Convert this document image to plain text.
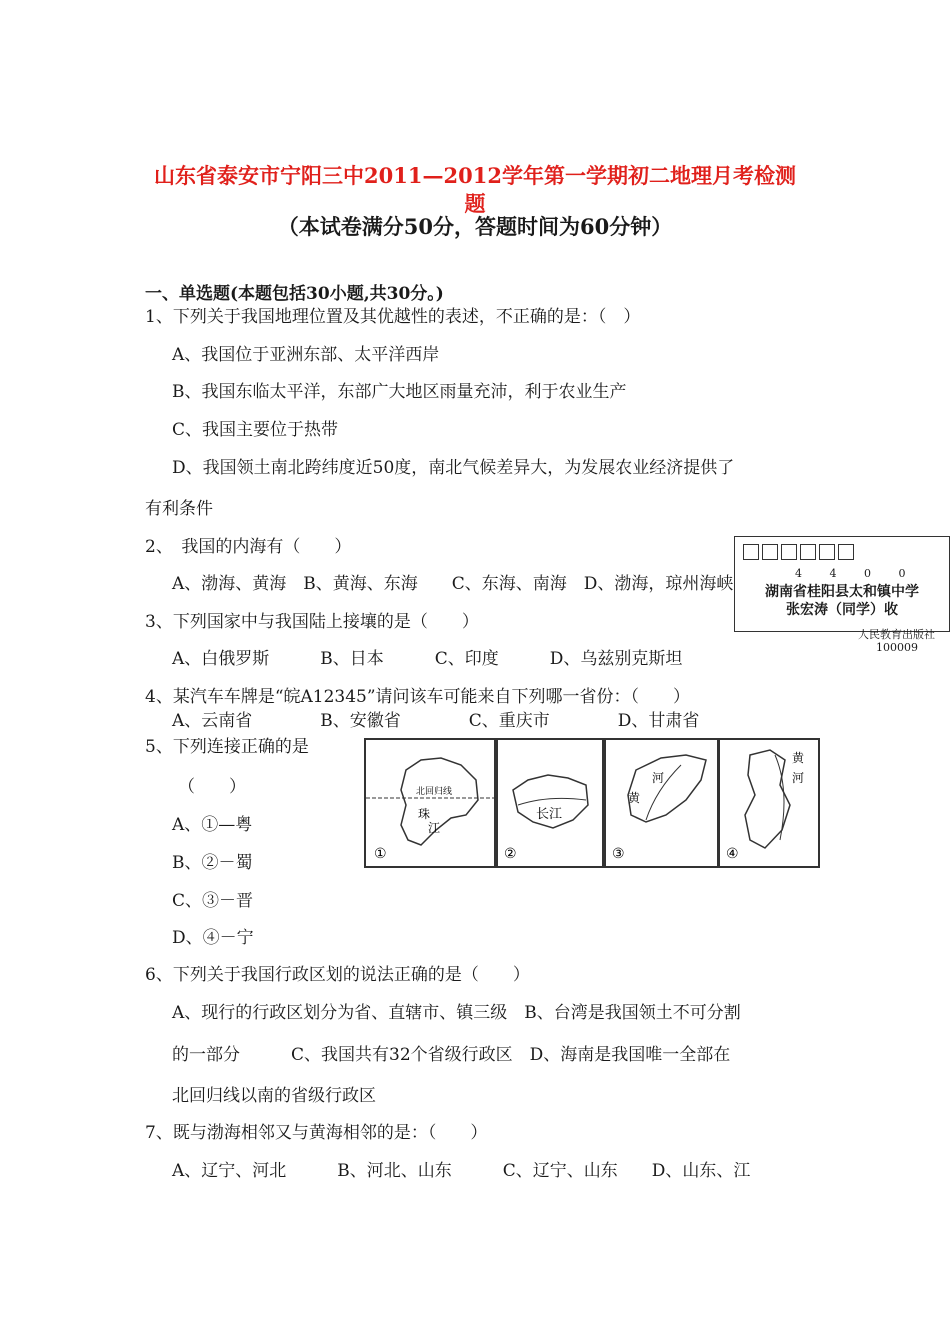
山东省泰安市宁阳三中2011—2012学年第一学期初二地理月考检测
题
（本试卷满分50分，答题时间为60分钟）
一、单选题(本题包括30小题,共30分。)
1、下列关于我国地理位置及其优越性的表述，不正确的是：（　）
A、我国位于亚洲东部、太平洋西岸
B、我国东临太平洋，东部广大地区雨量充沛，利于农业生产
C、我国主要位于热带
D、我国领土南北跨纬度近50度，南北气候差异大，为发展农业经济提供了
有利条件
2、　我国的内海有（　　）
A、渤海、黄海　B、黄海、东海　　C、东海、南海　D、渤海，琼州海峡
3、下列国家中与我国陆上接壤的是（　　）
A、白俄罗斯　　　B、日本　　　C、印度　　　D、乌兹别克斯坦
4、某汽车车牌是“皖A12345”请问该车可能来自下列哪一省份：（　　）
A、云南省　　　　B、安徽省　　　　C、重庆市　　　　D、甘肃省
5、下列连接正确的是
（　　）
A、①—粤
B、②－蜀
C、③－晋
D、④－宁
6、下列关于我国行政区划的说法正确的是（　　）
A、现行的行政区划分为省、直辖市、镇三级　B、台湾是我国领土不可分割
的一部分　　　C、我国共有32个省级行政区　D、海南是我国唯一全部在
北回归线以南的省级行政区
7、既与渤海相邻又与黄海相邻的是：（　　）
A、辽宁、河北　　　B、河北、山东　　　C、辽宁、山东　　D、山东、江
4 4 0 0
湖南省桂阳县太和镇中学
张宏涛（同学）收
人民教育出版社
100009
①
北回归线
珠
江
②
长江
③
河
黄
④
黄
河
